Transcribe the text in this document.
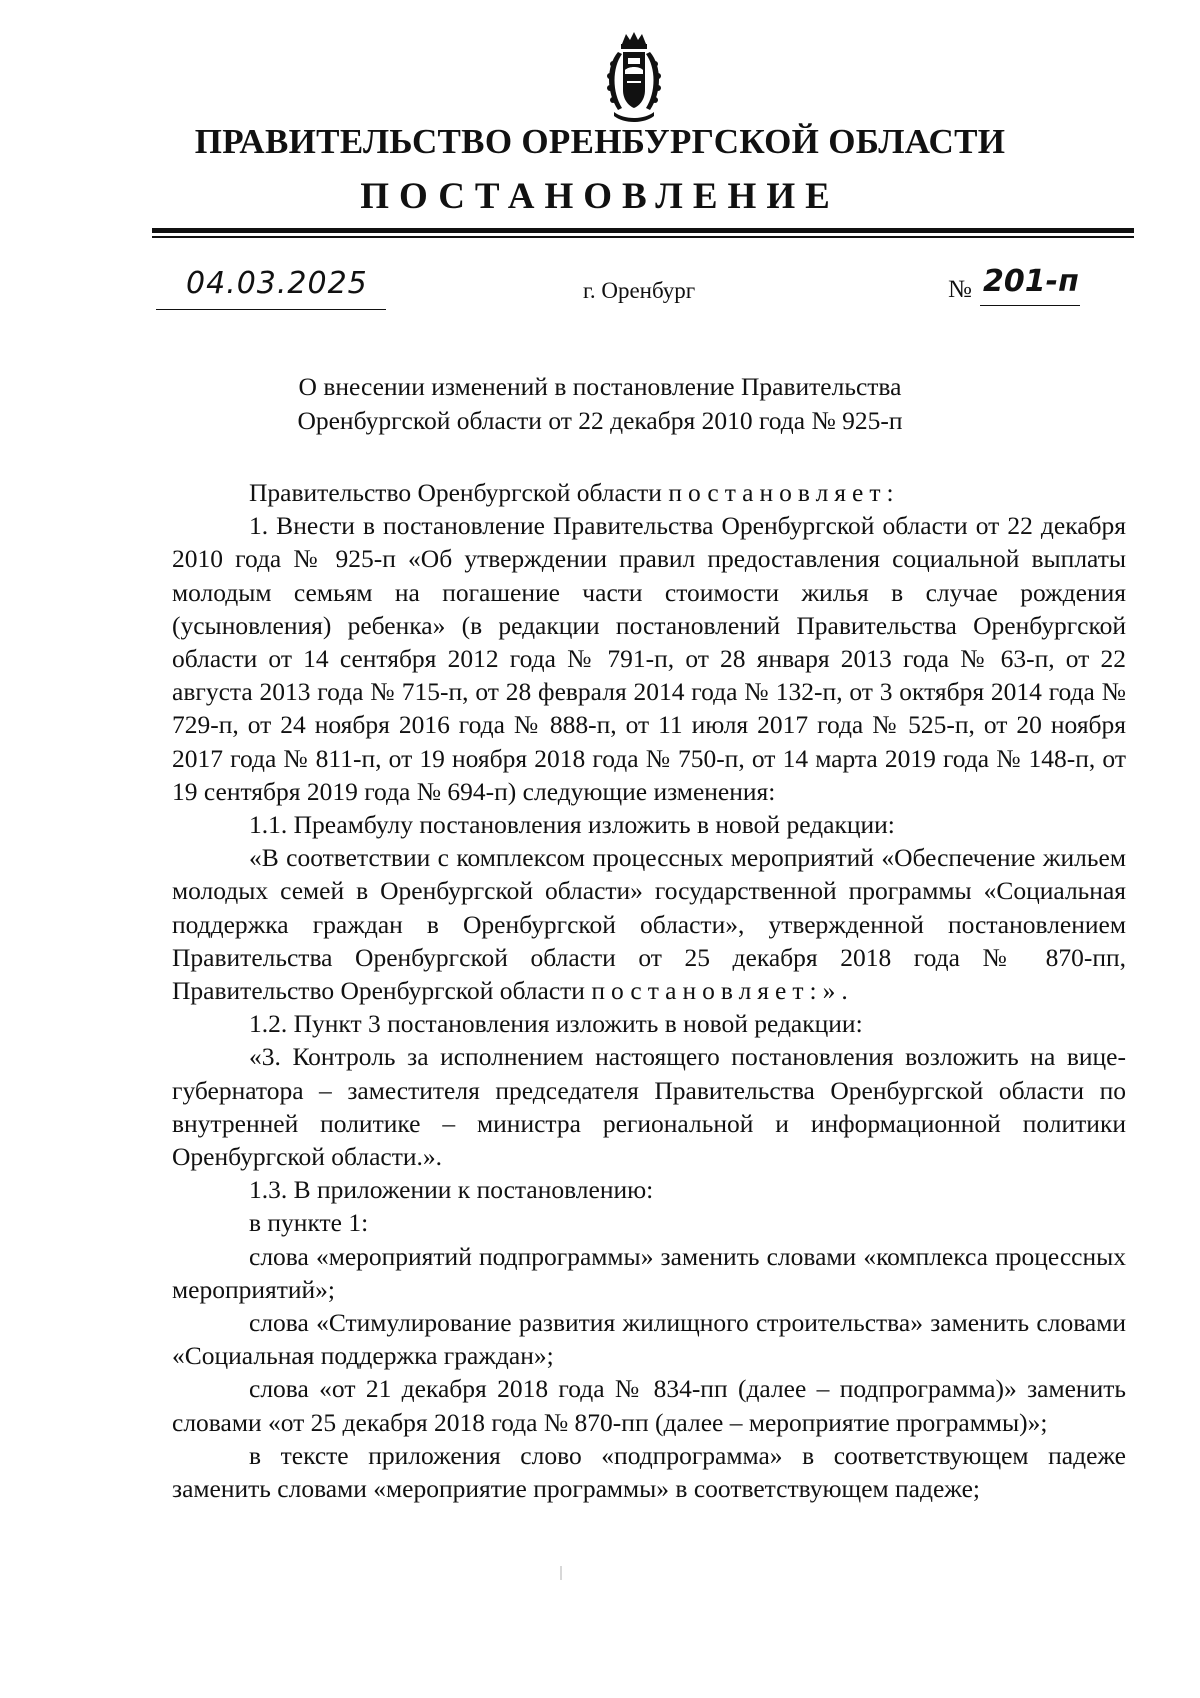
ПРАВИТЕЛЬСТВО ОРЕНБУРГСКОЙ ОБЛАСТИ
ПОСТАНОВЛЕНИЕ
04.03.2025	г. Оренбург	№ 201-п
О внесении изменений в постановление Правительства
Оренбургской области от 22 декабря 2010 года № 925-п

Правительство Оренбургской области постановляет:

1. Внести в постановление Правительства Оренбургской области от 22 декабря 2010 года № 925-п «Об утверждении правил предоставления социальной выплаты молодым семьям на погашение части стоимости жилья в случае рождения (усыновления) ребенка» (в редакции постановлений Правительства Оренбургской области от 14 сентября 2012 года № 791-п, от 28 января 2013 года № 63-п, от 22 августа 2013 года № 715-п, от 28 февраля 2014 года № 132-п, от 3 октября 2014 года № 729-п, от 24 ноября 2016 года № 888-п, от 11 июля 2017 года № 525-п, от 20 ноября 2017 года № 811-п, от 19 ноября 2018 года № 750-п, от 14 марта 2019 года № 148-п, от 19 сентября 2019 года № 694-п) следующие изменения:

1.1. Преамбулу постановления изложить в новой редакции:

«В соответствии с комплексом процессных мероприятий «Обеспечение жильем молодых семей в Оренбургской области» государственной программы «Социальная поддержка граждан в Оренбургской области», утвержденной постановлением Правительства Оренбургской области от 25 декабря 2018 года № 870-пп, Правительство Оренбургской области постановляет:».

1.2. Пункт 3 постановления изложить в новой редакции:

«3. Контроль за исполнением настоящего постановления возложить на вице-губернатора – заместителя председателя Правительства Оренбургской области по внутренней политике – министра региональной и информационной политики Оренбургской области.».

1.3. В приложении к постановлению:

в пункте 1:

слова «мероприятий подпрограммы» заменить словами «комплекса процессных мероприятий»;

слова «Стимулирование развития жилищного строительства» заменить словами «Социальная поддержка граждан»;

слова «от 21 декабря 2018 года № 834-пп (далее – подпрограмма)» заменить словами «от 25 декабря 2018 года № 870-пп (далее – мероприятие программы)»;

в тексте приложения слово «подпрограмма» в соответствующем падеже заменить словами «мероприятие программы» в соответствующем падеже;
